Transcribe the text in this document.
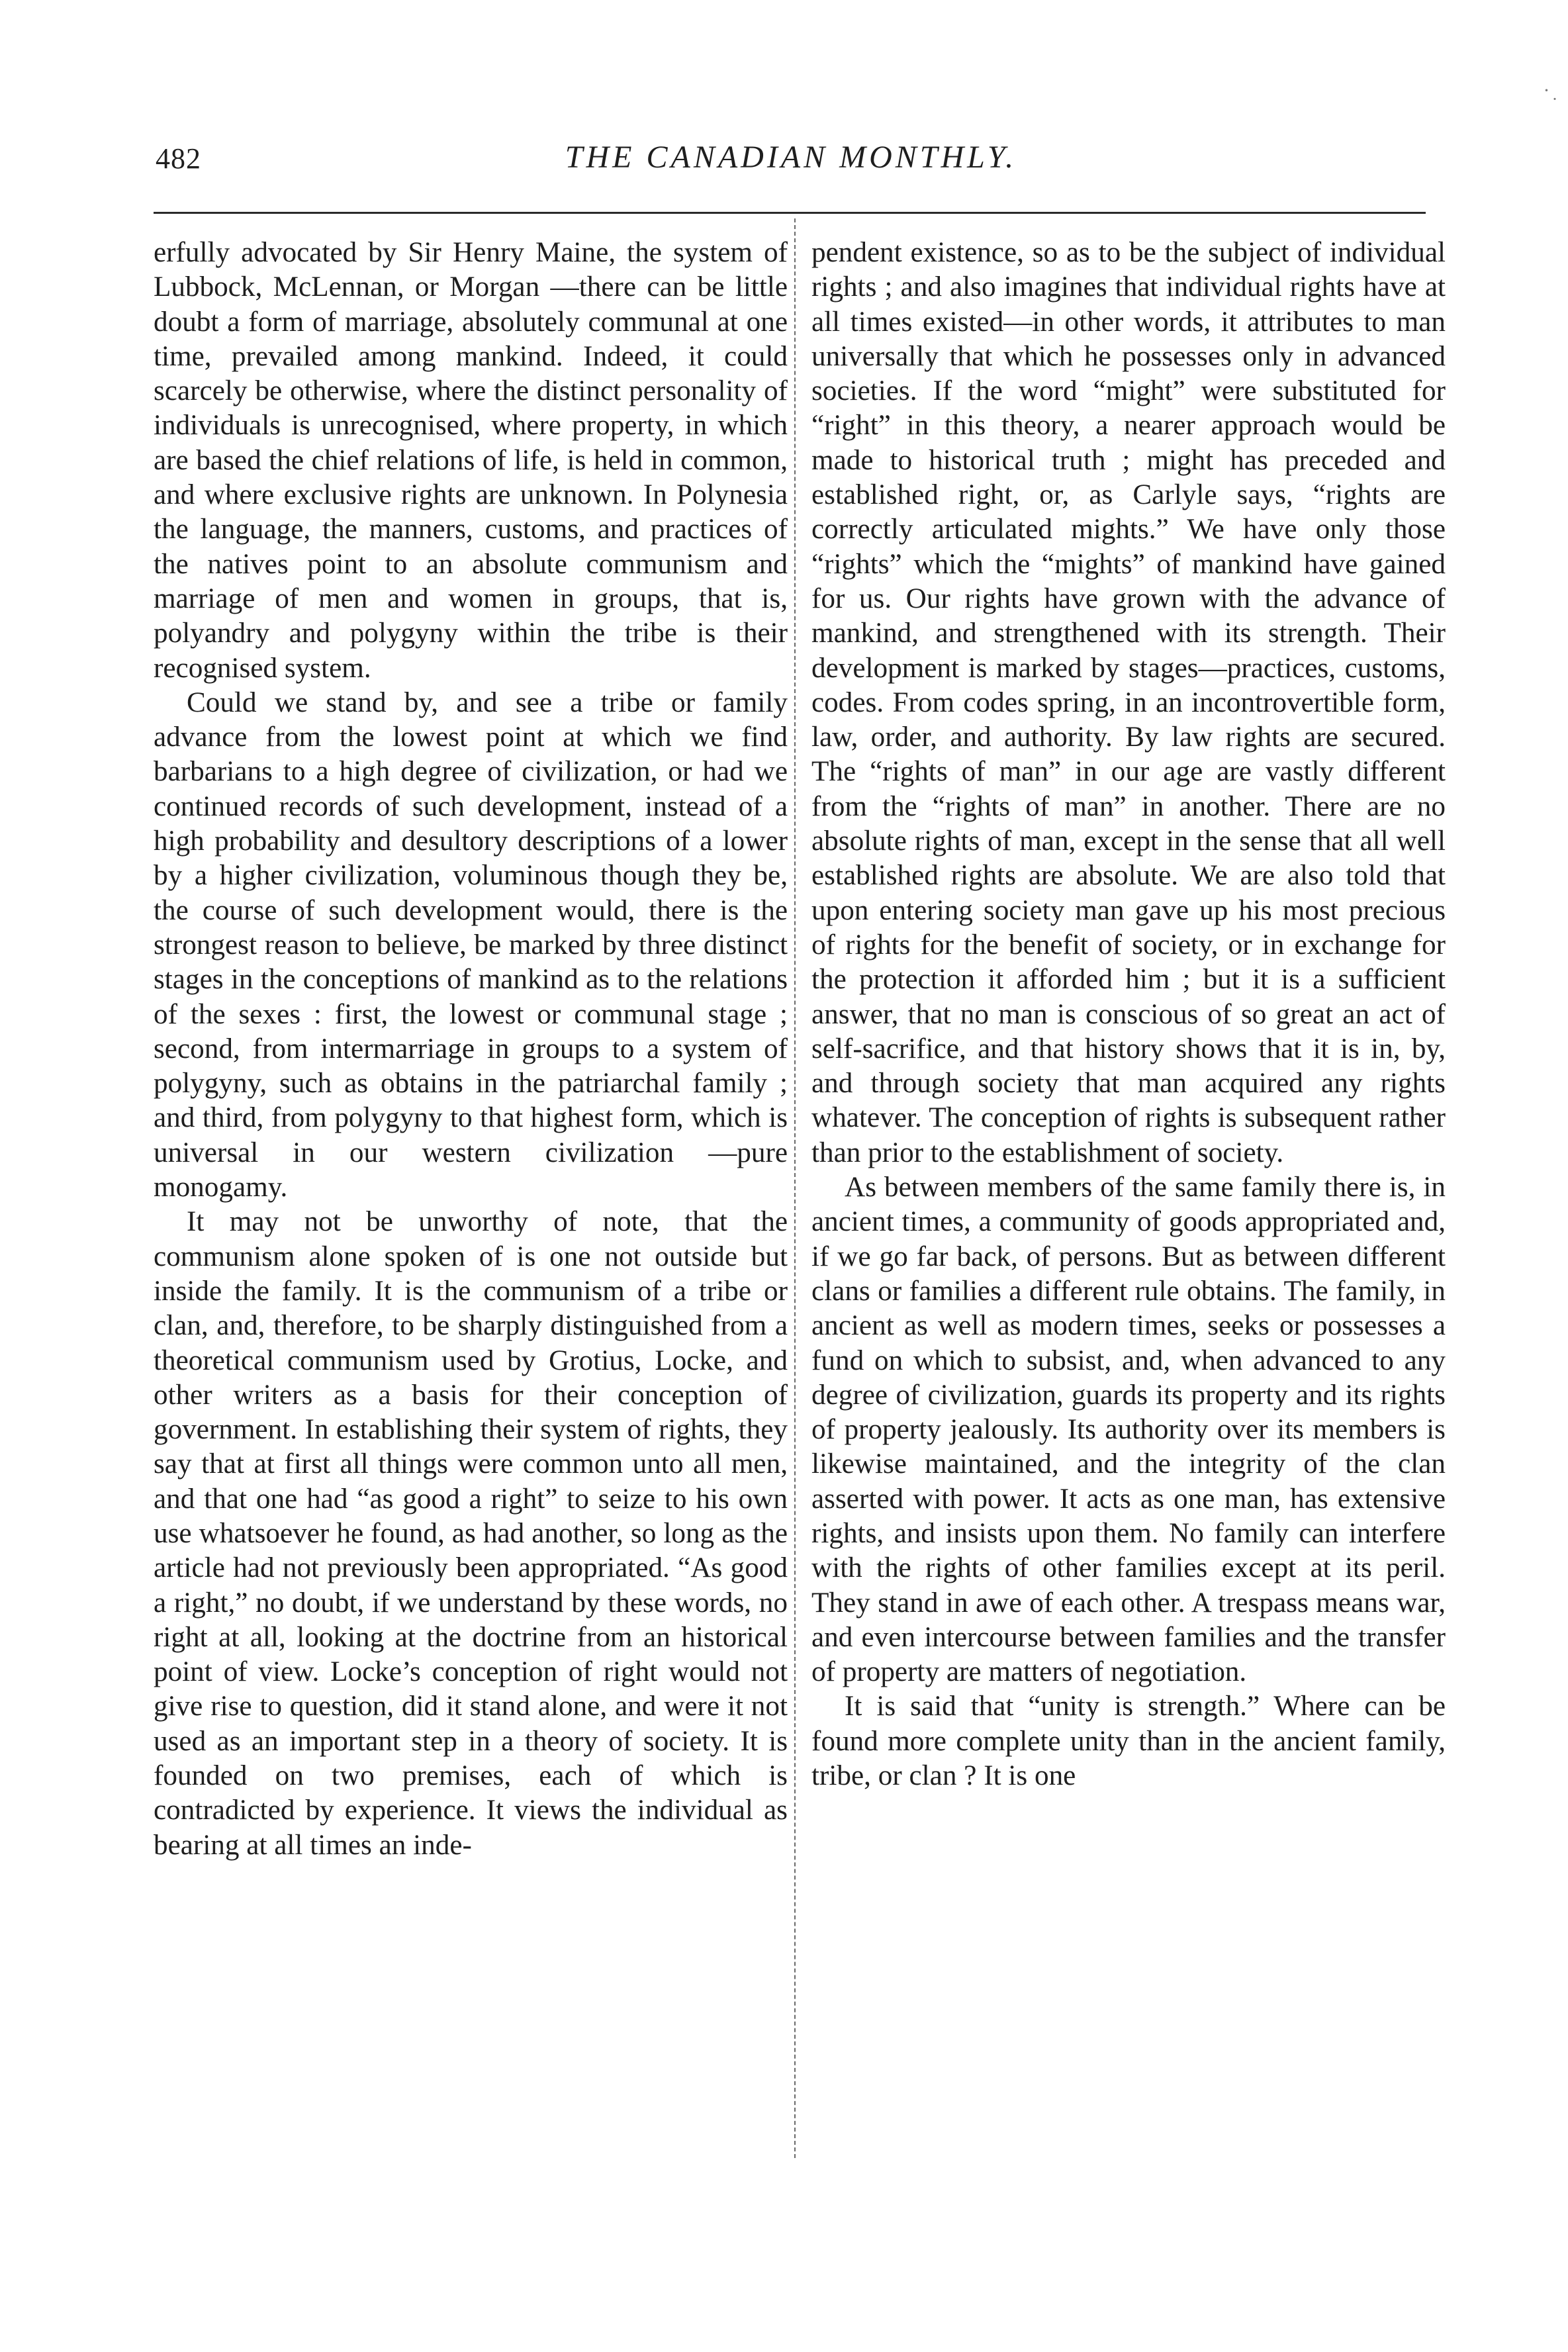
· ̣
482	THE CANADIAN MONTHLY.

erfully advocated by Sir Henry Maine, the system of Lubbock, McLennan, or Morgan —there can be little doubt a form of marriage, absolutely communal at one time, prevailed among mankind. Indeed, it could scarcely be otherwise, where the distinct personality of individuals is unrecognised, where property, in which are based the chief relations of life, is held in common, and where exclusive rights are unknown. In Polynesia the language, the manners, customs, and practices of the natives point to an absolute communism and marriage of men and women in groups, that is, polyandry and polygyny within the tribe is their recognised system.

Could we stand by, and see a tribe or family advance from the lowest point at which we find barbarians to a high degree of civilization, or had we continued records of such development, instead of a high probability and desultory descriptions of a lower by a higher civilization, voluminous though they be, the course of such development would, there is the strongest reason to believe, be marked by three distinct stages in the conceptions of mankind as to the relations of the sexes : first, the lowest or communal stage ; second, from intermarriage in groups to a system of polygyny, such as obtains in the patriarchal family ; and third, from polygyny to that highest form, which is universal in our western civilization —pure monogamy.

It may not be unworthy of note, that the communism alone spoken of is one not outside but inside the family. It is the communism of a tribe or clan, and, therefore, to be sharply distinguished from a theoretical communism used by Grotius, Locke, and other writers as a basis for their conception of government. In establishing their system of rights, they say that at first all things were common unto all men, and that one had “as good a right” to seize to his own use whatsoever he found, as had another, so long as the article had not previously been appropriated. “As good a right,” no doubt, if we understand by these words, no right at all, looking at the doctrine from an historical point of view. Locke’s conception of right would not give rise to question, did it stand alone, and were it not used as an important step in a theory of society. It is founded on two premises, each of which is contradicted by experience. It views the individual as bearing at all times an inde-

pendent existence, so as to be the subject of individual rights ; and also imagines that individual rights have at all times existed—in other words, it attributes to man universally that which he possesses only in advanced societies. If the word “might” were substituted for “right” in this theory, a nearer approach would be made to historical truth ; might has preceded and established right, or, as Carlyle says, “rights are correctly articulated mights.” We have only those “rights” which the “mights” of mankind have gained for us. Our rights have grown with the advance of mankind, and strengthened with its strength. Their development is marked by stages—practices, customs, codes. From codes spring, in an incontrovertible form, law, order, and authority. By law rights are secured. The “rights of man” in our age are vastly different from the “rights of man” in another. There are no absolute rights of man, except in the sense that all well established rights are absolute. We are also told that upon entering society man gave up his most precious of rights for the benefit of society, or in exchange for the protection it afforded him ; but it is a sufficient answer, that no man is conscious of so great an act of self-sacrifice, and that history shows that it is in, by, and through society that man acquired any rights whatever. The conception of rights is subsequent rather than prior to the establishment of society.

As between members of the same family there is, in ancient times, a community of goods appropriated and, if we go far back, of persons. But as between different clans or families a different rule obtains. The family, in ancient as well as modern times, seeks or possesses a fund on which to subsist, and, when advanced to any degree of civilization, guards its property and its rights of property jealously. Its authority over its members is likewise maintained, and the integrity of the clan asserted with power. It acts as one man, has extensive rights, and insists upon them. No family can interfere with the rights of other families except at its peril. They stand in awe of each other. A trespass means war, and even intercourse between families and the transfer of property are matters of negotiation.

It is said that “unity is strength.” Where can be found more complete unity than in the ancient family, tribe, or clan ? It is one
